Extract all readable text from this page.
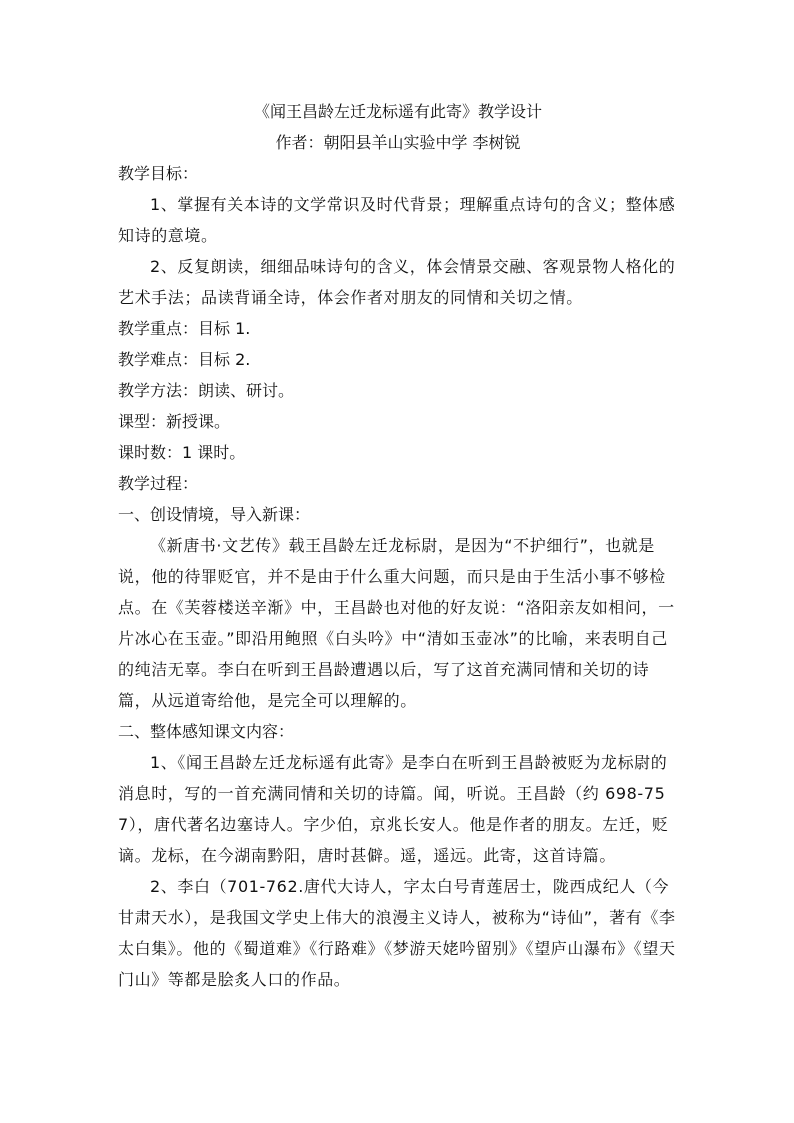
《闻王昌龄左迁龙标遥有此寄》教学设计
作者：朝阳县羊山实验中学 李树锐

教学目标：

1、掌握有关本诗的文学常识及时代背景；理解重点诗句的含义；整体感知诗的意境。

2、反复朗读，细细品味诗句的含义，体会情景交融、客观景物人格化的艺术手法；品读背诵全诗，体会作者对朋友的同情和关切之情。

教学重点：目标 1.

教学难点：目标 2.

教学方法：朗读、研讨。

课型：新授课。

课时数：1 课时。

教学过程：

一、创设情境，导入新课：

《新唐书·文艺传》载王昌龄左迁龙标尉，是因为“不护细行”，也就是说，他的待罪贬官，并不是由于什么重大问题，而只是由于生活小事不够检点。在《芙蓉楼送辛渐》中，王昌龄也对他的好友说：“洛阳亲友如相问，一片冰心在玉壶。”即沿用鲍照《白头吟》中“清如玉壶冰”的比喻，来表明自己的纯洁无辜。李白在听到王昌龄遭遇以后，写了这首充满同情和关切的诗篇，从远道寄给他，是完全可以理解的。

二、整体感知课文内容：

1、《闻王昌龄左迁龙标遥有此寄》是李白在听到王昌龄被贬为龙标尉的消息时，写的一首充满同情和关切的诗篇。闻，听说。王昌龄（约 698-757），唐代著名边塞诗人。字少伯，京兆长安人。他是作者的朋友。左迁，贬谪。龙标，在今湖南黔阳，唐时甚僻。遥，遥远。此寄，这首诗篇。

2、李白（701-762.唐代大诗人，字太白号青莲居士，陇西成纪人（今甘肃天水），是我国文学史上伟大的浪漫主义诗人，被称为“诗仙”，著有《李太白集》。他的《蜀道难》《行路难》《梦游天姥吟留别》《望庐山瀑布》《望天门山》等都是脍炙人口的作品。
